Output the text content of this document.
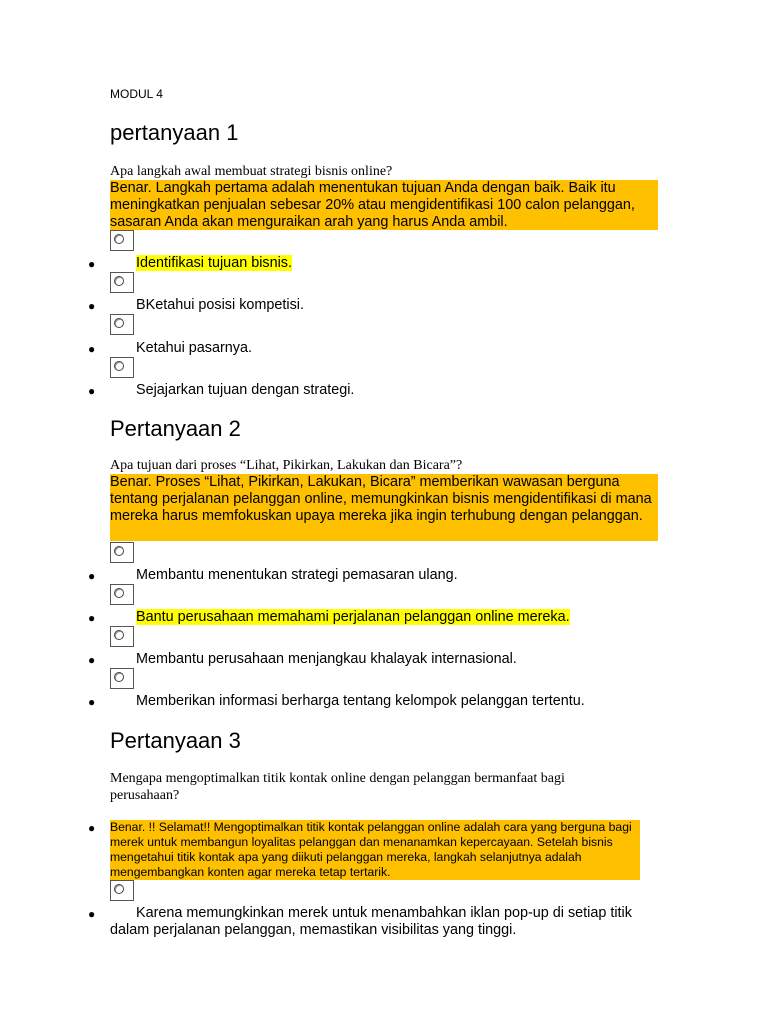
MODUL 4
pertanyaan 1
Apa langkah awal membuat strategi bisnis online?
Benar. Langkah pertama adalah menentukan tujuan Anda dengan baik. Baik itu meningkatkan penjualan sebesar 20% atau mengidentifikasi 100 calon pelanggan, sasaran Anda akan menguraikan arah yang harus Anda ambil.
●	Identifikasi tujuan bisnis.
●	BKetahui posisi kompetisi.
●	Ketahui pasarnya.
●	Sejajarkan tujuan dengan strategi.
Pertanyaan 2
Apa tujuan dari proses “Lihat, Pikirkan, Lakukan dan Bicara”?
Benar. Proses “Lihat, Pikirkan, Lakukan, Bicara” memberikan wawasan berguna tentang perjalanan pelanggan online, memungkinkan bisnis mengidentifikasi di mana mereka harus memfokuskan upaya mereka jika ingin terhubung dengan pelanggan.
●	Membantu menentukan strategi pemasaran ulang.
●	Bantu perusahaan memahami perjalanan pelanggan online mereka.
●	Membantu perusahaan menjangkau khalayak internasional.
●	Memberikan informasi berharga tentang kelompok pelanggan tertentu.
Pertanyaan 3
Mengapa mengoptimalkan titik kontak online dengan pelanggan bermanfaat bagi perusahaan?
● Benar. !! Selamat!! Mengoptimalkan titik kontak pelanggan online adalah cara yang berguna bagi merek untuk membangun loyalitas pelanggan dan menanamkan kepercayaan. Setelah bisnis mengetahui titik kontak apa yang diikuti pelanggan mereka, langkah selanjutnya adalah mengembangkan konten agar mereka tetap tertarik.
●	Karena memungkinkan merek untuk menambahkan iklan pop-up di setiap titik dalam perjalanan pelanggan, memastikan visibilitas yang tinggi.
